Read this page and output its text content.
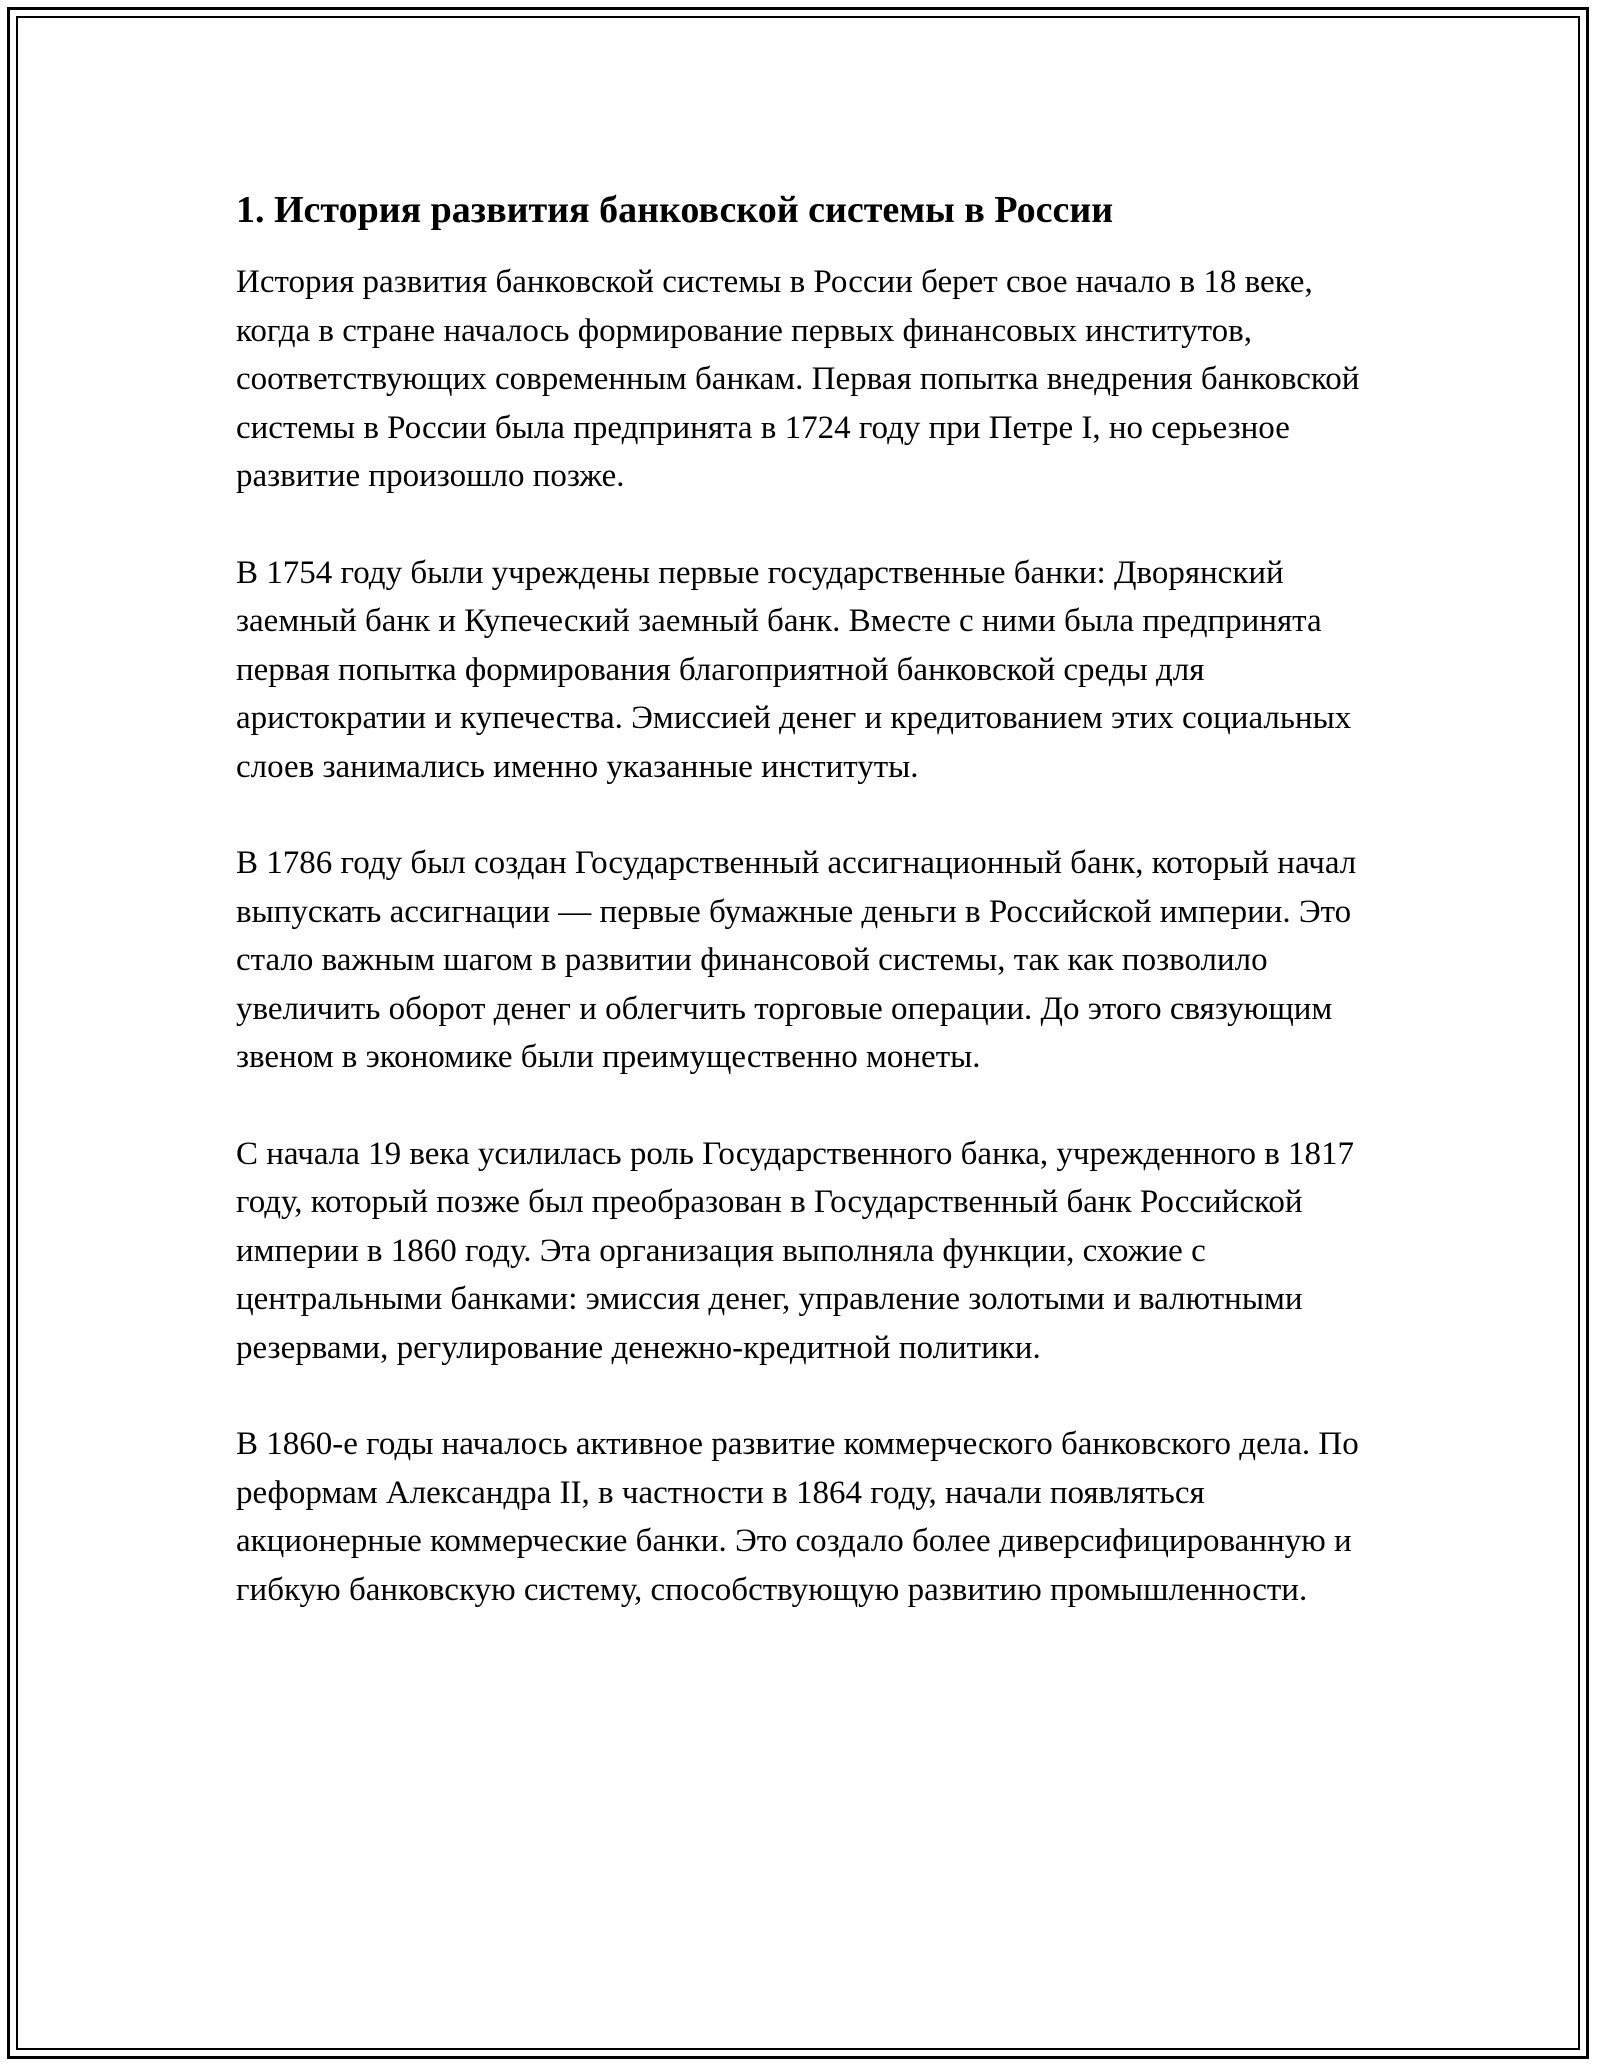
1. История развития банковской системы в России

История развития банковской системы в России берет свое начало в 18 веке, когда в стране началось формирование первых финансовых институтов, соответствующих современным банкам. Первая попытка внедрения банковской системы в России была предпринята в 1724 году при Петре I, но серьезное развитие произошло позже.

В 1754 году были учреждены первые государственные банки: Дворянский заемный банк и Купеческий заемный банк. Вместе с ними была предпринята первая попытка формирования благоприятной банковской среды для аристократии и купечества. Эмиссией денег и кредитованием этих социальных слоев занимались именно указанные институты.

В 1786 году был создан Государственный ассигнационный банк, который начал выпускать ассигнации — первые бумажные деньги в Российской империи. Это стало важным шагом в развитии финансовой системы, так как позволило увеличить оборот денег и облегчить торговые операции. До этого связующим звеном в экономике были преимущественно монеты.

С начала 19 века усилилась роль Государственного банка, учрежденного в 1817 году, который позже был преобразован в Государственный банк Российской империи в 1860 году. Эта организация выполняла функции, схожие с центральными банками: эмиссия денег, управление золотыми и валютными резервами, регулирование денежно-кредитной политики.

В 1860-е годы началось активное развитие коммерческого банковского дела. По реформам Александра II, в частности в 1864 году, начали появляться акционерные коммерческие банки. Это создало более диверсифицированную и гибкую банковскую систему, способствующую развитию промышленности.
